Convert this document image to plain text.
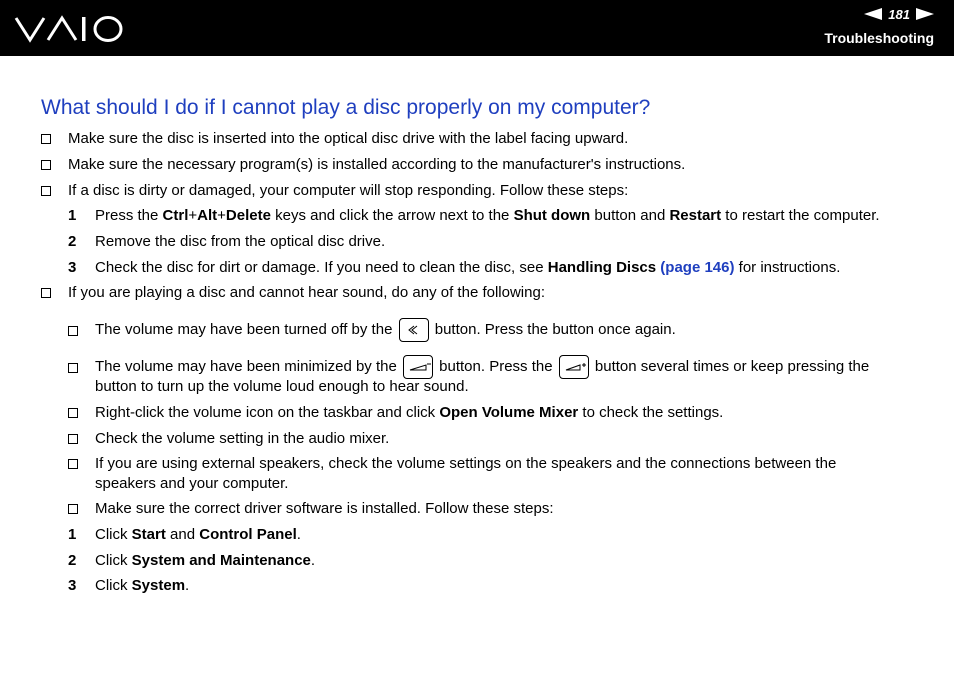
181
Troubleshooting
What should I do if I cannot play a disc properly on my computer?
Make sure the disc is inserted into the optical disc drive with the label facing upward.
Make sure the necessary program(s) is installed according to the manufacturer's instructions.
If a disc is dirty or damaged, your computer will stop responding. Follow these steps:
1 Press the Ctrl+Alt+Delete keys and click the arrow next to the Shut down button and Restart to restart the computer.
2 Remove the disc from the optical disc drive.
3 Check the disc for dirt or damage. If you need to clean the disc, see Handling Discs (page 146) for instructions.
If you are playing a disc and cannot hear sound, do any of the following:
The volume may have been turned off by the
button. Press the button once again.
The volume may have been minimized by the
button. Press the
button several times or keep pressing the
button to turn up the volume loud enough to hear sound.
Right-click the volume icon on the taskbar and click Open Volume Mixer to check the settings.
Check the volume setting in the audio mixer.
If you are using external speakers, check the volume settings on the speakers and the connections between the
speakers and your computer.
Make sure the correct driver software is installed. Follow these steps:
1 Click Start and Control Panel.
2 Click System and Maintenance.
3 Click System.
